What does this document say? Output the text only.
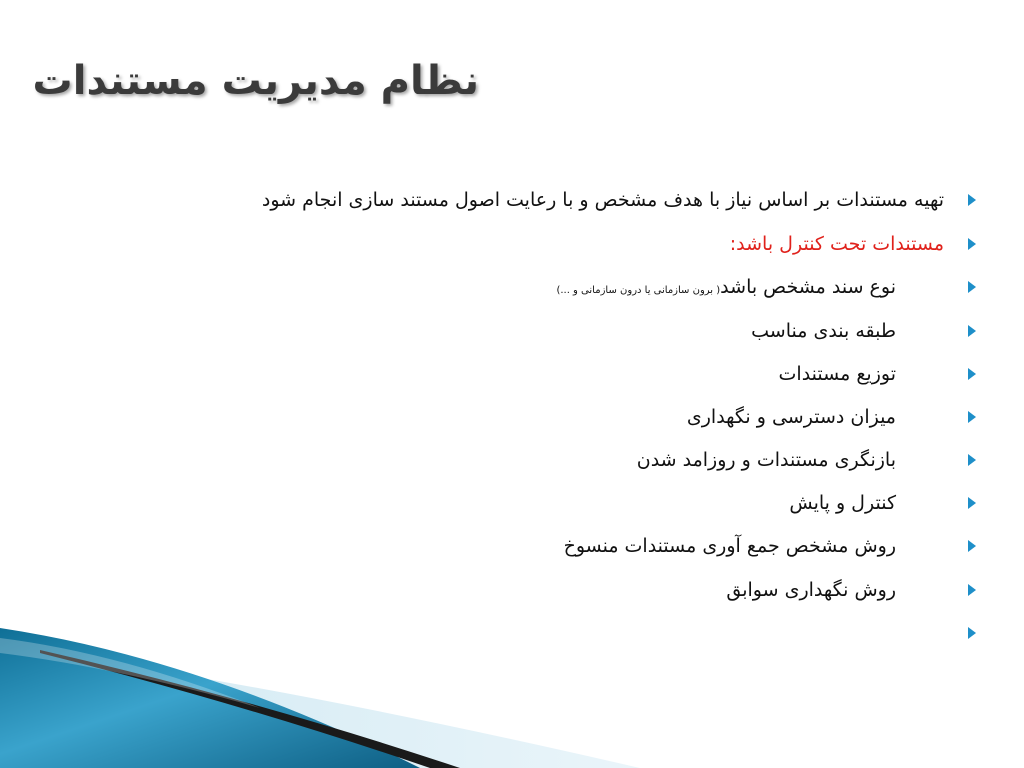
نظام مدیریت مستندات
تهیه مستندات بر اساس نیاز با هدف مشخص و با رعایت اصول مستند سازی انجام شود
مستندات تحت کنترل باشد:
نوع سند مشخص باشد( برون سازمانی یا درون سازمانی و ...)
طبقه بندی مناسب
توزیع مستندات
میزان دسترسی و نگهداری
بازنگری مستندات و روزامد شدن
کنترل و پایش
روش مشخص جمع آوری مستندات منسوخ
روش نگهداری سوابق
